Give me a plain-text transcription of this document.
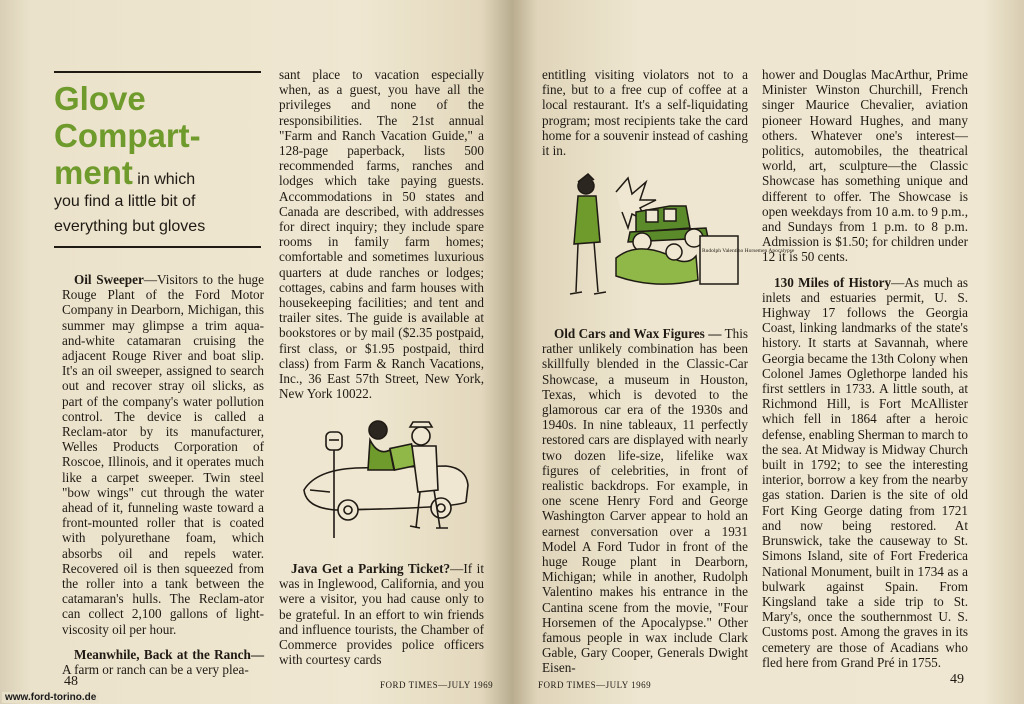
Glove
Compart-
ment in which
you find a little bit of
everything but gloves

Oil Sweeper—Visitors to the huge Rouge Plant of the Ford Motor Company in Dearborn, Michigan, this summer may glimpse a trim aqua-and-white catamaran cruising the adjacent Rouge River and boat slip. It's an oil sweeper, assigned to search out and recover stray oil slicks, as part of the company's water pollution control. The device is called a Reclam-ator by its manufacturer, Welles Products Corporation of Roscoe, Illinois, and it operates much like a carpet sweeper. Twin steel "bow wings" cut through the water ahead of it, funneling waste toward a front-mounted roller that is coated with polyurethane foam, which absorbs oil and repels water. Recovered oil is then squeezed from the roller into a tank between the catamaran's hulls. The Reclam-ator can collect 2,100 gallons of light-viscosity oil per hour.

Meanwhile, Back at the Ranch— A farm or ranch can be a very plea-

sant place to vacation especially when, as a guest, you have all the privileges and none of the responsibilities. The 21st annual "Farm and Ranch Vacation Guide," a 128-page paperback, lists 500 recommended farms, ranches and lodges which take paying guests. Accommodations in 50 states and Canada are described, with addresses for direct inquiry; they include spare rooms in family farm homes; comfortable and sometimes luxurious quarters at dude ranches or lodges; cottages, cabins and farm houses with housekeeping facilities; and tent and trailer sites. The guide is available at bookstores or by mail ($2.35 postpaid, first class, or $1.95 postpaid, third class) from Farm & Ranch Vacations, Inc., 36 East 57th Street, New York, New York 10022.

Java Get a Parking Ticket?—If it was in Inglewood, California, and you were a visitor, you had cause only to be grateful. In an effort to win friends and influence tourists, the Chamber of Commerce provides police officers with courtesy cards

48	FORD TIMES—JULY 1969

entitling visiting violators not to a fine, but to a free cup of coffee at a local restaurant. It's a self-liquidating program; most recipients take the card home for a souvenir instead of cashing it in.

Rudolph Valentino Horsemen Apocalypse

Old Cars and Wax Figures — This rather unlikely combination has been skillfully blended in the Classic-Car Showcase, a museum in Houston, Texas, which is devoted to the glamorous car era of the 1930s and 1940s. In nine tableaux, 11 perfectly restored cars are displayed with nearly two dozen life-size, lifelike wax figures of celebrities, in front of realistic backdrops. For example, in one scene Henry Ford and George Washington Carver appear to hold an earnest conversation over a 1931 Model A Ford Tudor in front of the huge Rouge plant in Dearborn, Michigan; while in another, Rudolph Valentino makes his entrance in the Cantina scene from the movie, "Four Horsemen of the Apocalypse." Other famous people in wax include Clark Gable, Gary Cooper, Generals Dwight Eisen-

hower and Douglas MacArthur, Prime Minister Winston Churchill, French singer Maurice Chevalier, aviation pioneer Howard Hughes, and many others. Whatever one's interest—politics, automobiles, the theatrical world, art, sculpture—the Classic Showcase has something unique and different to offer. The Showcase is open weekdays from 10 a.m. to 9 p.m., and Sundays from 1 p.m. to 8 p.m. Admission is $1.50; for children under 12 it is 50 cents.

130 Miles of History—As much as inlets and estuaries permit, U. S. Highway 17 follows the Georgia Coast, linking landmarks of the state's history. It starts at Savannah, where Georgia became the 13th Colony when Colonel James Oglethorpe landed his first settlers in 1733. A little south, at Richmond Hill, is Fort McAllister which fell in 1864 after a heroic defense, enabling Sherman to march to the sea. At Midway is Midway Church built in 1792; to see the interesting interior, borrow a key from the nearby gas station. Darien is the site of old Fort King George dating from 1721 and now being restored. At Brunswick, take the causeway to St. Simons Island, site of Fort Frederica National Monument, built in 1734 as a bulwark against Spain. From Kingsland take a side trip to St. Mary's, once the southernmost U. S. Customs post. Among the graves in its cemetery are those of Acadians who fled here from Grand Pré in 1755.

FORD TIMES—JULY 1969	49
www.ford-torino.de
